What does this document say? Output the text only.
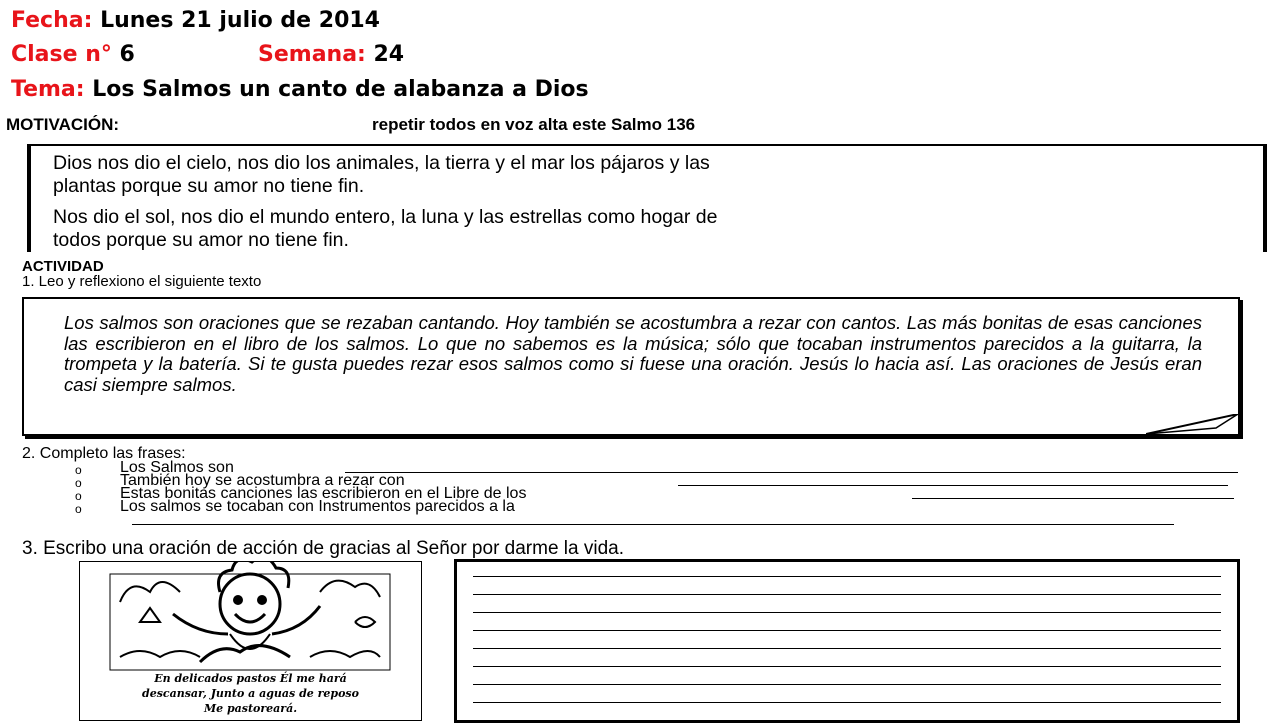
Fecha: Lunes 21 julio de 2014
Clase n° 6	Semana: 24
Tema: Los Salmos un canto de alabanza a Dios
MOTIVACIÓN:	repetir todos en voz alta este Salmo 136

Dios nos dio el cielo, nos dio los animales, la tierra y el mar los pájaros y las

plantas porque su amor no tiene fin.

Nos dio el sol, nos dio el mundo entero, la luna y las estrellas como hogar de

todos porque su amor no tiene fin.

ACTIVIDAD
1. Leo y reflexiono el siguiente texto

Los salmos son oraciones que se rezaban cantando. Hoy también se acostumbra a rezar con cantos. Las más bonitas de esas canciones las escribieron en el libro de los salmos. Lo que no sabemos es la música; sólo que tocaban instrumentos parecidos a la guitarra, la trompeta y la batería. Si te gusta puedes rezar esos salmos como si fuese una oración. Jesús lo hacia así. Las oraciones de Jesús eran casi siempre salmos.

2. Completo las frases:
o Los Salmos son
o También hoy se acostumbra a rezar con
o Estas bonitas canciones las escribieron en el Libre de los
o Los salmos se tocaban con Instrumentos parecidos a la
3. Escribo una oración de acción de gracias al Señor por darme la vida.
En delicados pastos Él me hará
descansar, Junto a aguas de reposo
Me pastoreará.
